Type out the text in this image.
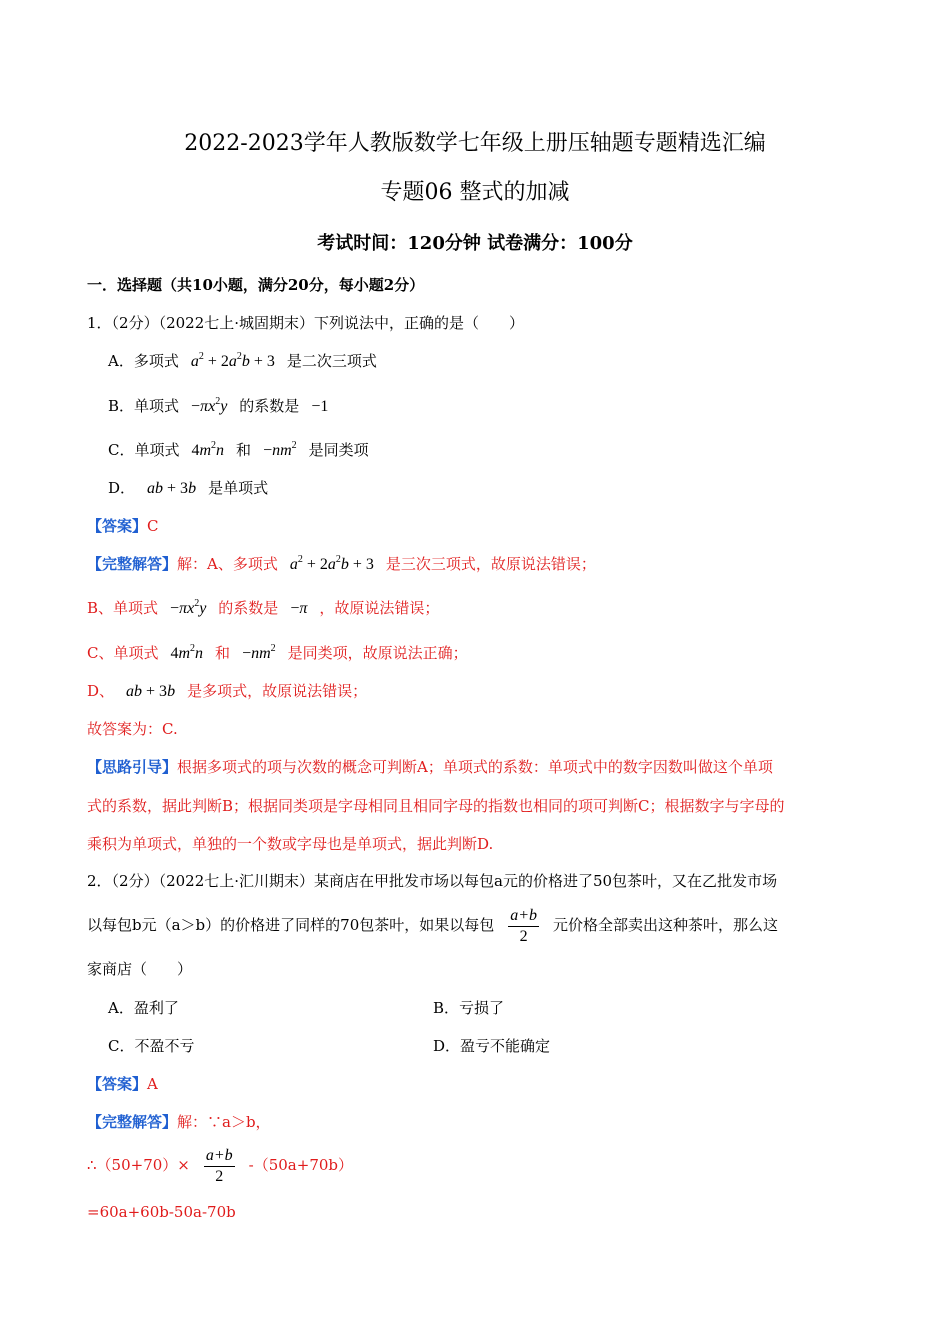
2022-2023学年人教版数学七年级上册压轴题专题精选汇编
专题06 整式的加减
考试时间：120分钟 试卷满分：100分
一．选择题（共10小题，满分20分，每小题2分）
1．（2分）（2022七上·城固期末）下列说法中，正确的是（　　）
A．多项式 $a^2 + 2a^2b + 3$ 是二次三项式
B．单项式 $-\pi x^2y$ 的系数是 −1
C．单项式 $4m^2n$ 和 $-nm^2$ 是同类项
D． ab + 3b 是单项式
【答案】C
【完整解答】解：A、多项式 $a^2 + 2a^2b + 3$ 是三次三项式，故原说法错误；
B、单项式 $-\pi x^2y$ 的系数是 −π ，故原说法错误；
C、单项式 $4m^2n$ 和 $-nm^2$ 是同类项，故原说法正确；
D、 ab + 3b 是多项式，故原说法错误；
故答案为：C.
【思路引导】根据多项式的项与次数的概念可判断A；单项式的系数：单项式中的数字因数叫做这个单项
式的系数，据此判断B；根据同类项是字母相同且相同字母的指数也相同的项可判断C；根据数字与字母的
乘积为单项式，单独的一个数或字母也是单项式，据此判断D.
2．（2分）（2022七上·汇川期末）某商店在甲批发市场以每包a元的价格进了50包茶叶，又在乙批发市场
以每包b元（a＞b）的价格进了同样的70包茶叶，如果以每包 $\frac{a+b}{2}$ 元价格全部卖出这种茶叶，那么这
家商店（　　）
A．盈利了	B．亏损了
C．不盈不亏	D．盈亏不能确定
【答案】A
【完整解答】解：∵a＞b，
∴（50+70）× $\frac{a+b}{2} -(50a+70b)$
=60a+60b-50a-70b
